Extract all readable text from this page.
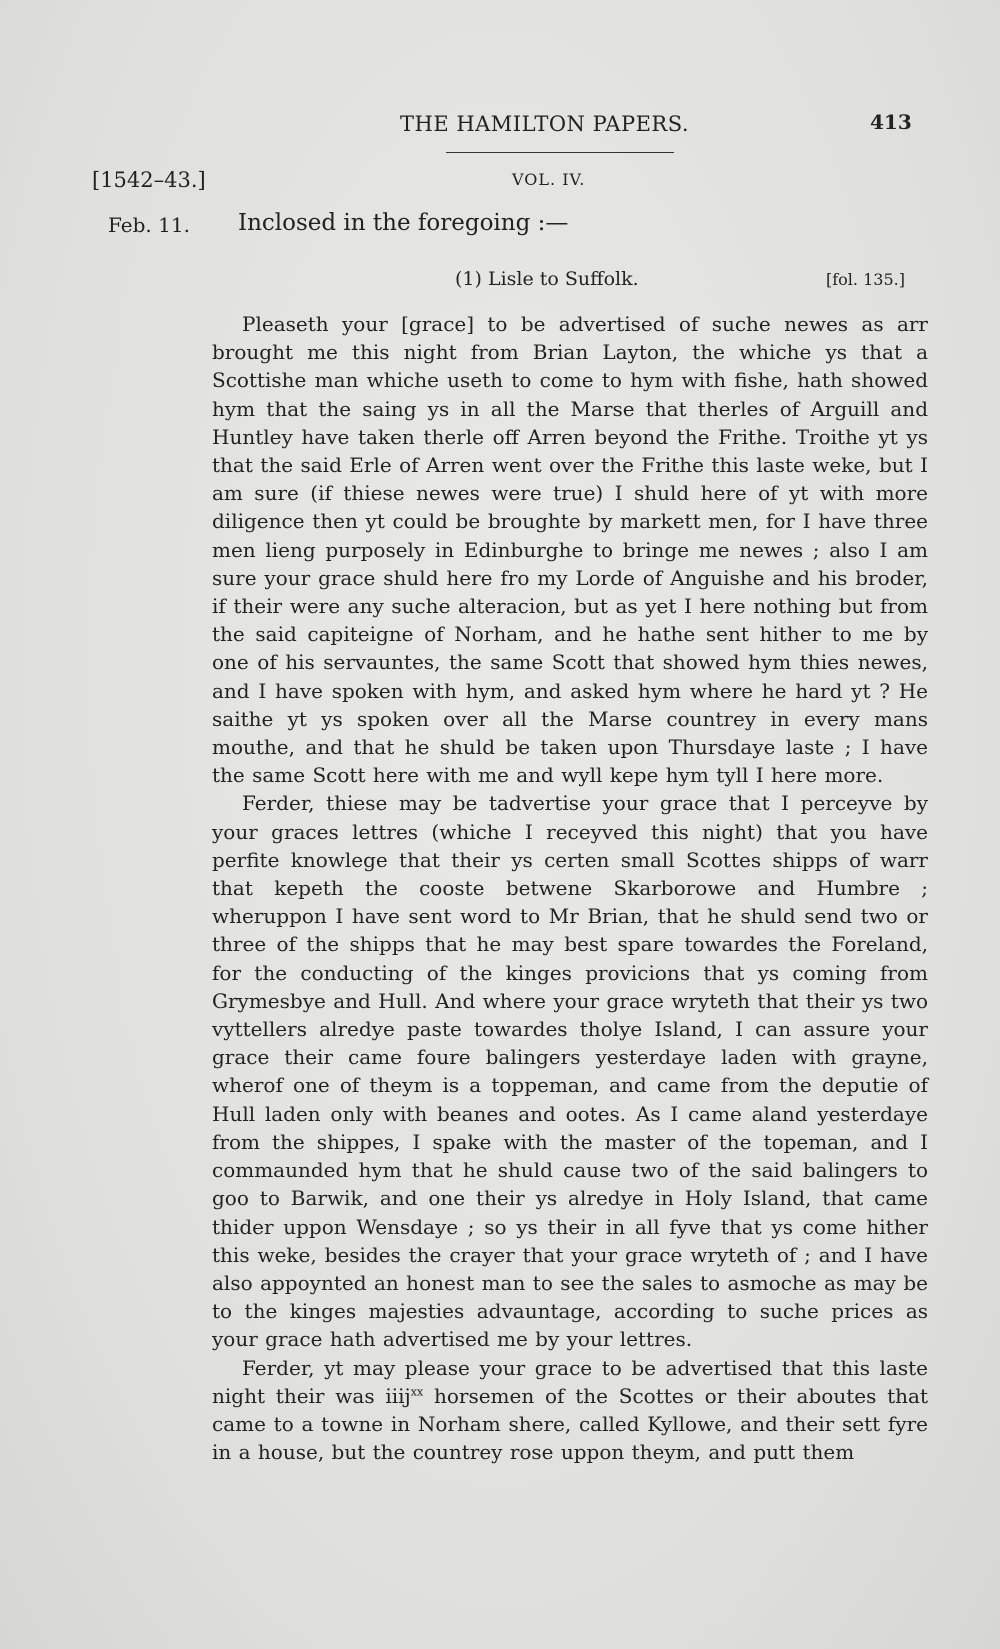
THE HAMILTON PAPERS.	413
[1542–43.]	VOL. IV.
Feb. 11. Inclosed in the foregoing :—
(1) Lisle to Suffolk.	[fol. 135.]

Pleaseth your [grace] to be advertised of suche newes as arr brought me this night from Brian Layton, the whiche ys that a Scottishe man whiche useth to come to hym with fishe, hath showed hym that the saing ys in all the Marse that therles of Arguill and Huntley have taken therle off Arren beyond the Frithe. Troithe yt ys that the said Erle of Arren went over the Frithe this laste weke, but I am sure (if thiese newes were true) I shuld here of yt with more diligence then yt could be broughte by markett men, for I have three men lieng purposely in Edinburghe to bringe me newes ; also I am sure your grace shuld here fro my Lorde of Anguishe and his broder, if their were any suche alteracion, but as yet I here nothing but from the said capiteigne of Norham, and he hathe sent hither to me by one of his servauntes, the same Scott that showed hym thies newes, and I have spoken with hym, and asked hym where he hard yt ? He saithe yt ys spoken over all the Marse countrey in every mans mouthe, and that he shuld be taken upon Thursdaye laste ; I have the same Scott here with me and wyll kepe hym tyll I here more.

Ferder, thiese may be tadvertise your grace that I perceyve by your graces lettres (whiche I receyved this night) that you have perfite knowlege that their ys certen small Scottes shipps of warr that kepeth the cooste betwene Skarborowe and Humbre ; wheruppon I have sent word to Mr Brian, that he shuld send two or three of the shipps that he may best spare towardes the Foreland, for the conducting of the kinges provicions that ys coming from Grymesbye and Hull. And where your grace wryteth that their ys two vyttellers alredye paste towardes tholye Island, I can assure your grace their came foure balingers yesterdaye laden with grayne, wherof one of theym is a toppeman, and came from the deputie of Hull laden only with beanes and ootes. As I came aland yesterdaye from the shippes, I spake with the master of the topeman, and I commaunded hym that he shuld cause two of the said balingers to goo to Barwik, and one their ys alredye in Holy Island, that came thider uppon Wensdaye ; so ys their in all fyve that ys come hither this weke, besides the crayer that your grace wryteth of ; and I have also appoynted an honest man to see the sales to asmoche as may be to the kinges majesties advauntage, according to suche prices as your grace hath advertised me by your lettres.

Ferder, yt may please your grace to be advertised that this laste night their was iiij$^{xx}$ horsemen of the Scottes or their aboutes that came to a towne in Norham shere, called Kyllowe, and their sett fyre in a house, but the countrey rose uppon theym, and putt them
